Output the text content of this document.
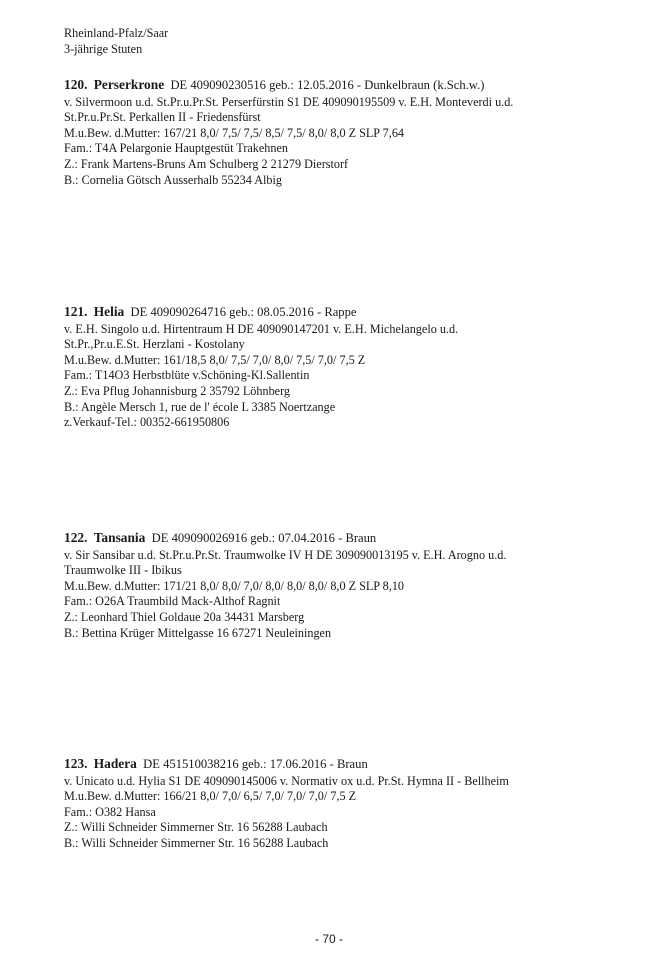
Rheinland-Pfalz/Saar
3-jährige Stuten
120. Perserkrone DE 409090230516 geb.: 12.05.2016 - Dunkelbraun (k.Sch.w.)
v. Silvermoon u.d. St.Pr.u.Pr.St. Perserfürstin S1 DE 409090195509 v. E.H. Monteverdi u.d.
St.Pr.u.Pr.St. Perkallen II - Friedensfürst
M.u.Bew. d.Mutter: 167/21 8,0/ 7,5/ 7,5/ 8,5/ 7,5/ 8,0/ 8,0 Z SLP 7,64
Fam.: T4A Pelargonie Hauptgestüt Trakehnen
Z.: Frank Martens-Bruns Am Schulberg 2 21279 Dierstorf
B.: Cornelia Götsch Ausserhalb 55234 Albig
121. Helia DE 409090264716 geb.: 08.05.2016 - Rappe
v. E.H. Singolo u.d. Hirtentraum H DE 409090147201 v. E.H. Michelangelo u.d.
St.Pr.,Pr.u.E.St. Herzlani - Kostolany
M.u.Bew. d.Mutter: 161/18,5 8,0/ 7,5/ 7,0/ 8,0/ 7,5/ 7,0/ 7,5 Z
Fam.: T14O3 Herbstblüte v.Schöning-Kl.Sallentin
Z.: Eva Pflug Johannisburg 2 35792 Löhnberg
B.: Angèle Mersch 1, rue de l' école L 3385 Noertzange
z.Verkauf-Tel.: 00352-661950806
122. Tansania DE 409090026916 geb.: 07.04.2016 - Braun
v. Sir Sansibar u.d. St.Pr.u.Pr.St. Traumwolke IV H DE 309090013195 v. E.H. Arogno u.d.
Traumwolke III - Ibikus
M.u.Bew. d.Mutter: 171/21 8,0/ 8,0/ 7,0/ 8,0/ 8,0/ 8,0/ 8,0 Z SLP 8,10
Fam.: O26A Traumbild Mack-Althof Ragnit
Z.: Leonhard Thiel Goldaue 20a 34431 Marsberg
B.: Bettina Krüger Mittelgasse 16 67271 Neuleiningen
123. Hadera DE 451510038216 geb.: 17.06.2016 - Braun
v. Unicato u.d. Hylia S1 DE 409090145006 v. Normativ ox u.d. Pr.St. Hymna II - Bellheim
M.u.Bew. d.Mutter: 166/21 8,0/ 7,0/ 6,5/ 7,0/ 7,0/ 7,0/ 7,5 Z
Fam.: O382 Hansa
Z.: Willi Schneider Simmerner Str. 16 56288 Laubach
B.: Willi Schneider Simmerner Str. 16 56288 Laubach
- 70 -
